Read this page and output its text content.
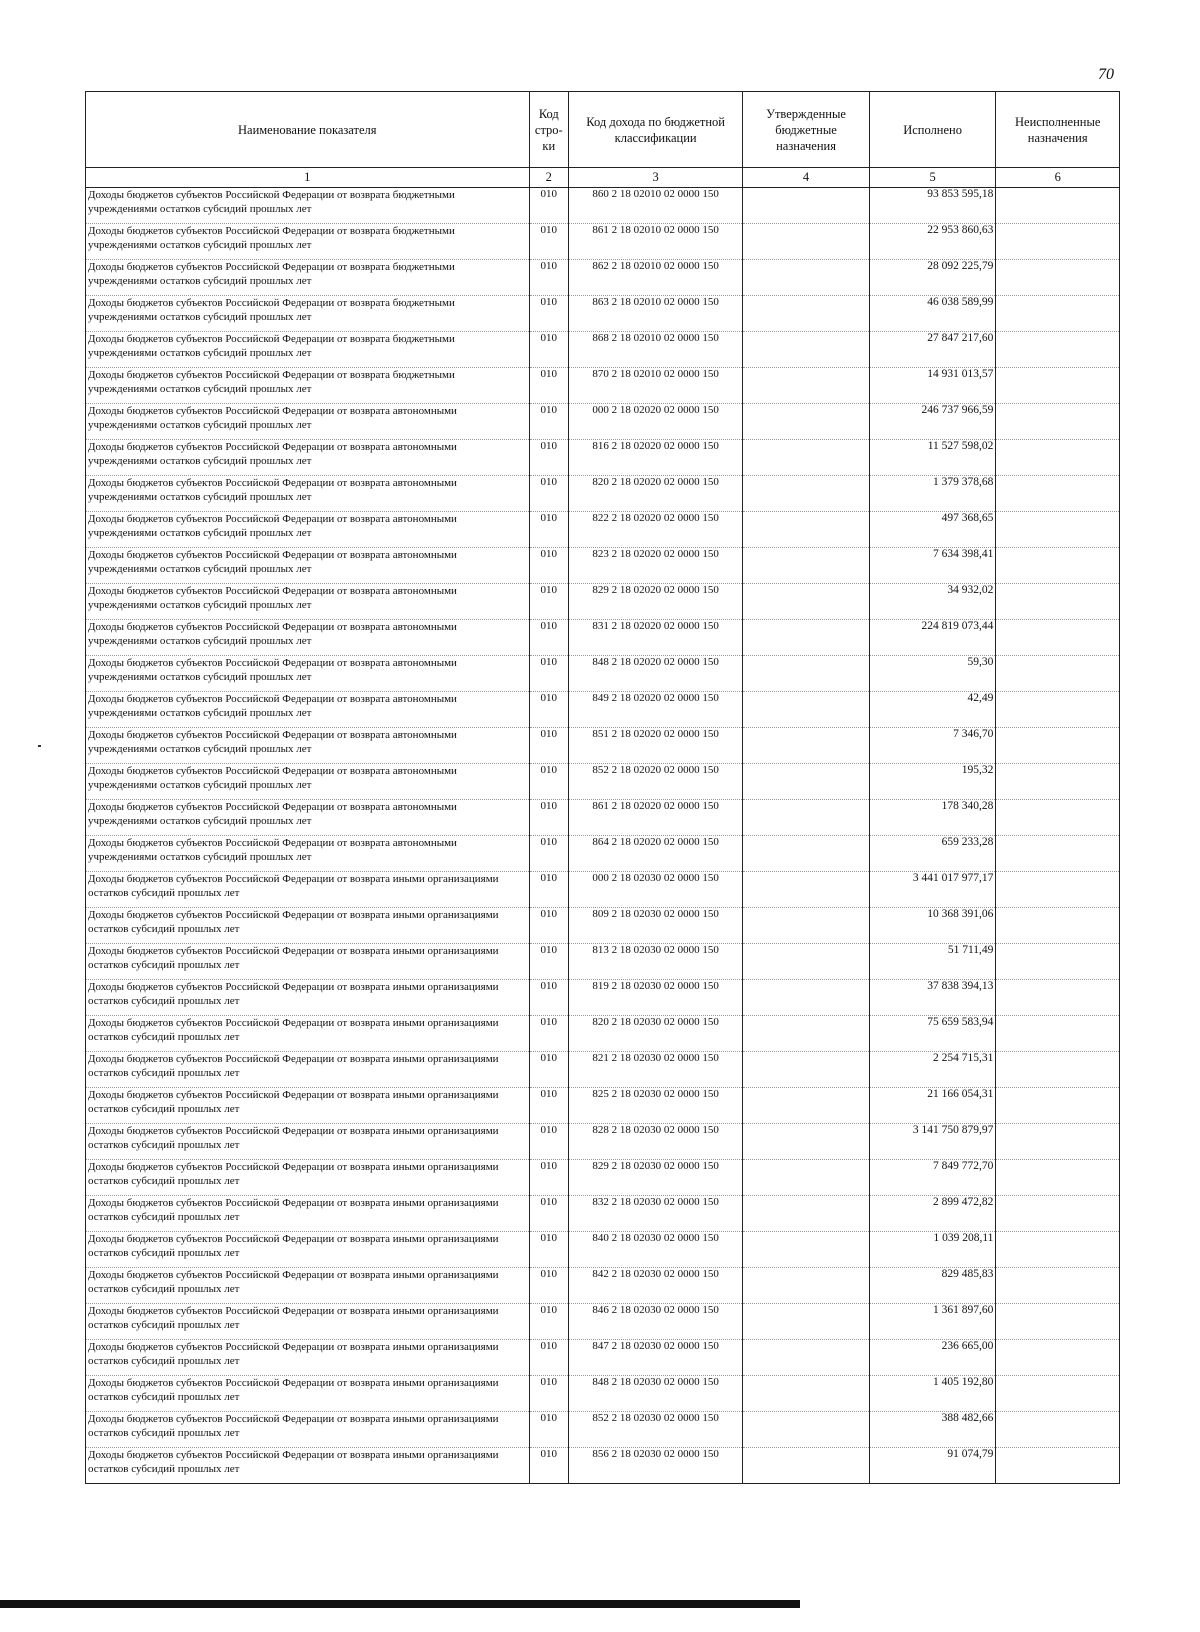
70
Наименование показателя	Код стро-ки	Код дохода по бюджетной классификации	Утвержденные бюджетные назначения	Исполнено	Неисполненные назначения
1	2	3	4	5	6
Доходы бюджетов субъектов Российской Федерации от возврата бюджетными учреждениями остатков субсидий прошлых лет	010	860 2 18 02010 02 0000 150		93 853 595,18	
Доходы бюджетов субъектов Российской Федерации от возврата бюджетными учреждениями остатков субсидий прошлых лет	010	861 2 18 02010 02 0000 150		22 953 860,63	
Доходы бюджетов субъектов Российской Федерации от возврата бюджетными учреждениями остатков субсидий прошлых лет	010	862 2 18 02010 02 0000 150		28 092 225,79	
Доходы бюджетов субъектов Российской Федерации от возврата бюджетными учреждениями остатков субсидий прошлых лет	010	863 2 18 02010 02 0000 150		46 038 589,99	
Доходы бюджетов субъектов Российской Федерации от возврата бюджетными учреждениями остатков субсидий прошлых лет	010	868 2 18 02010 02 0000 150		27 847 217,60	
Доходы бюджетов субъектов Российской Федерации от возврата бюджетными учреждениями остатков субсидий прошлых лет	010	870 2 18 02010 02 0000 150		14 931 013,57	
Доходы бюджетов субъектов Российской Федерации от возврата автономными учреждениями остатков субсидий прошлых лет	010	000 2 18 02020 02 0000 150		246 737 966,59	
Доходы бюджетов субъектов Российской Федерации от возврата автономными учреждениями остатков субсидий прошлых лет	010	816 2 18 02020 02 0000 150		11 527 598,02	
Доходы бюджетов субъектов Российской Федерации от возврата автономными учреждениями остатков субсидий прошлых лет	010	820 2 18 02020 02 0000 150		1 379 378,68	
Доходы бюджетов субъектов Российской Федерации от возврата автономными учреждениями остатков субсидий прошлых лет	010	822 2 18 02020 02 0000 150		497 368,65	
Доходы бюджетов субъектов Российской Федерации от возврата автономными учреждениями остатков субсидий прошлых лет	010	823 2 18 02020 02 0000 150		7 634 398,41	
Доходы бюджетов субъектов Российской Федерации от возврата автономными учреждениями остатков субсидий прошлых лет	010	829 2 18 02020 02 0000 150		34 932,02	
Доходы бюджетов субъектов Российской Федерации от возврата автономными учреждениями остатков субсидий прошлых лет	010	831 2 18 02020 02 0000 150		224 819 073,44	
Доходы бюджетов субъектов Российской Федерации от возврата автономными учреждениями остатков субсидий прошлых лет	010	848 2 18 02020 02 0000 150		59,30	
Доходы бюджетов субъектов Российской Федерации от возврата автономными учреждениями остатков субсидий прошлых лет	010	849 2 18 02020 02 0000 150		42,49	
Доходы бюджетов субъектов Российской Федерации от возврата автономными учреждениями остатков субсидий прошлых лет	010	851 2 18 02020 02 0000 150		7 346,70	
Доходы бюджетов субъектов Российской Федерации от возврата автономными учреждениями остатков субсидий прошлых лет	010	852 2 18 02020 02 0000 150		195,32	
Доходы бюджетов субъектов Российской Федерации от возврата автономными учреждениями остатков субсидий прошлых лет	010	861 2 18 02020 02 0000 150		178 340,28	
Доходы бюджетов субъектов Российской Федерации от возврата автономными учреждениями остатков субсидий прошлых лет	010	864 2 18 02020 02 0000 150		659 233,28	
Доходы бюджетов субъектов Российской Федерации от возврата иными организациями остатков субсидий прошлых лет	010	000 2 18 02030 02 0000 150		3 441 017 977,17	
Доходы бюджетов субъектов Российской Федерации от возврата иными организациями остатков субсидий прошлых лет	010	809 2 18 02030 02 0000 150		10 368 391,06	
Доходы бюджетов субъектов Российской Федерации от возврата иными организациями остатков субсидий прошлых лет	010	813 2 18 02030 02 0000 150		51 711,49	
Доходы бюджетов субъектов Российской Федерации от возврата иными организациями остатков субсидий прошлых лет	010	819 2 18 02030 02 0000 150		37 838 394,13	
Доходы бюджетов субъектов Российской Федерации от возврата иными организациями остатков субсидий прошлых лет	010	820 2 18 02030 02 0000 150		75 659 583,94	
Доходы бюджетов субъектов Российской Федерации от возврата иными организациями остатков субсидий прошлых лет	010	821 2 18 02030 02 0000 150		2 254 715,31	
Доходы бюджетов субъектов Российской Федерации от возврата иными организациями остатков субсидий прошлых лет	010	825 2 18 02030 02 0000 150		21 166 054,31	
Доходы бюджетов субъектов Российской Федерации от возврата иными организациями остатков субсидий прошлых лет	010	828 2 18 02030 02 0000 150		3 141 750 879,97	
Доходы бюджетов субъектов Российской Федерации от возврата иными организациями остатков субсидий прошлых лет	010	829 2 18 02030 02 0000 150		7 849 772,70	
Доходы бюджетов субъектов Российской Федерации от возврата иными организациями остатков субсидий прошлых лет	010	832 2 18 02030 02 0000 150		2 899 472,82	
Доходы бюджетов субъектов Российской Федерации от возврата иными организациями остатков субсидий прошлых лет	010	840 2 18 02030 02 0000 150		1 039 208,11	
Доходы бюджетов субъектов Российской Федерации от возврата иными организациями остатков субсидий прошлых лет	010	842 2 18 02030 02 0000 150		829 485,83	
Доходы бюджетов субъектов Российской Федерации от возврата иными организациями остатков субсидий прошлых лет	010	846 2 18 02030 02 0000 150		1 361 897,60	
Доходы бюджетов субъектов Российской Федерации от возврата иными организациями остатков субсидий прошлых лет	010	847 2 18 02030 02 0000 150		236 665,00	
Доходы бюджетов субъектов Российской Федерации от возврата иными организациями остатков субсидий прошлых лет	010	848 2 18 02030 02 0000 150		1 405 192,80	
Доходы бюджетов субъектов Российской Федерации от возврата иными организациями остатков субсидий прошлых лет	010	852 2 18 02030 02 0000 150		388 482,66	
Доходы бюджетов субъектов Российской Федерации от возврата иными организациями остатков субсидий прошлых лет	010	856 2 18 02030 02 0000 150		91 074,79	
